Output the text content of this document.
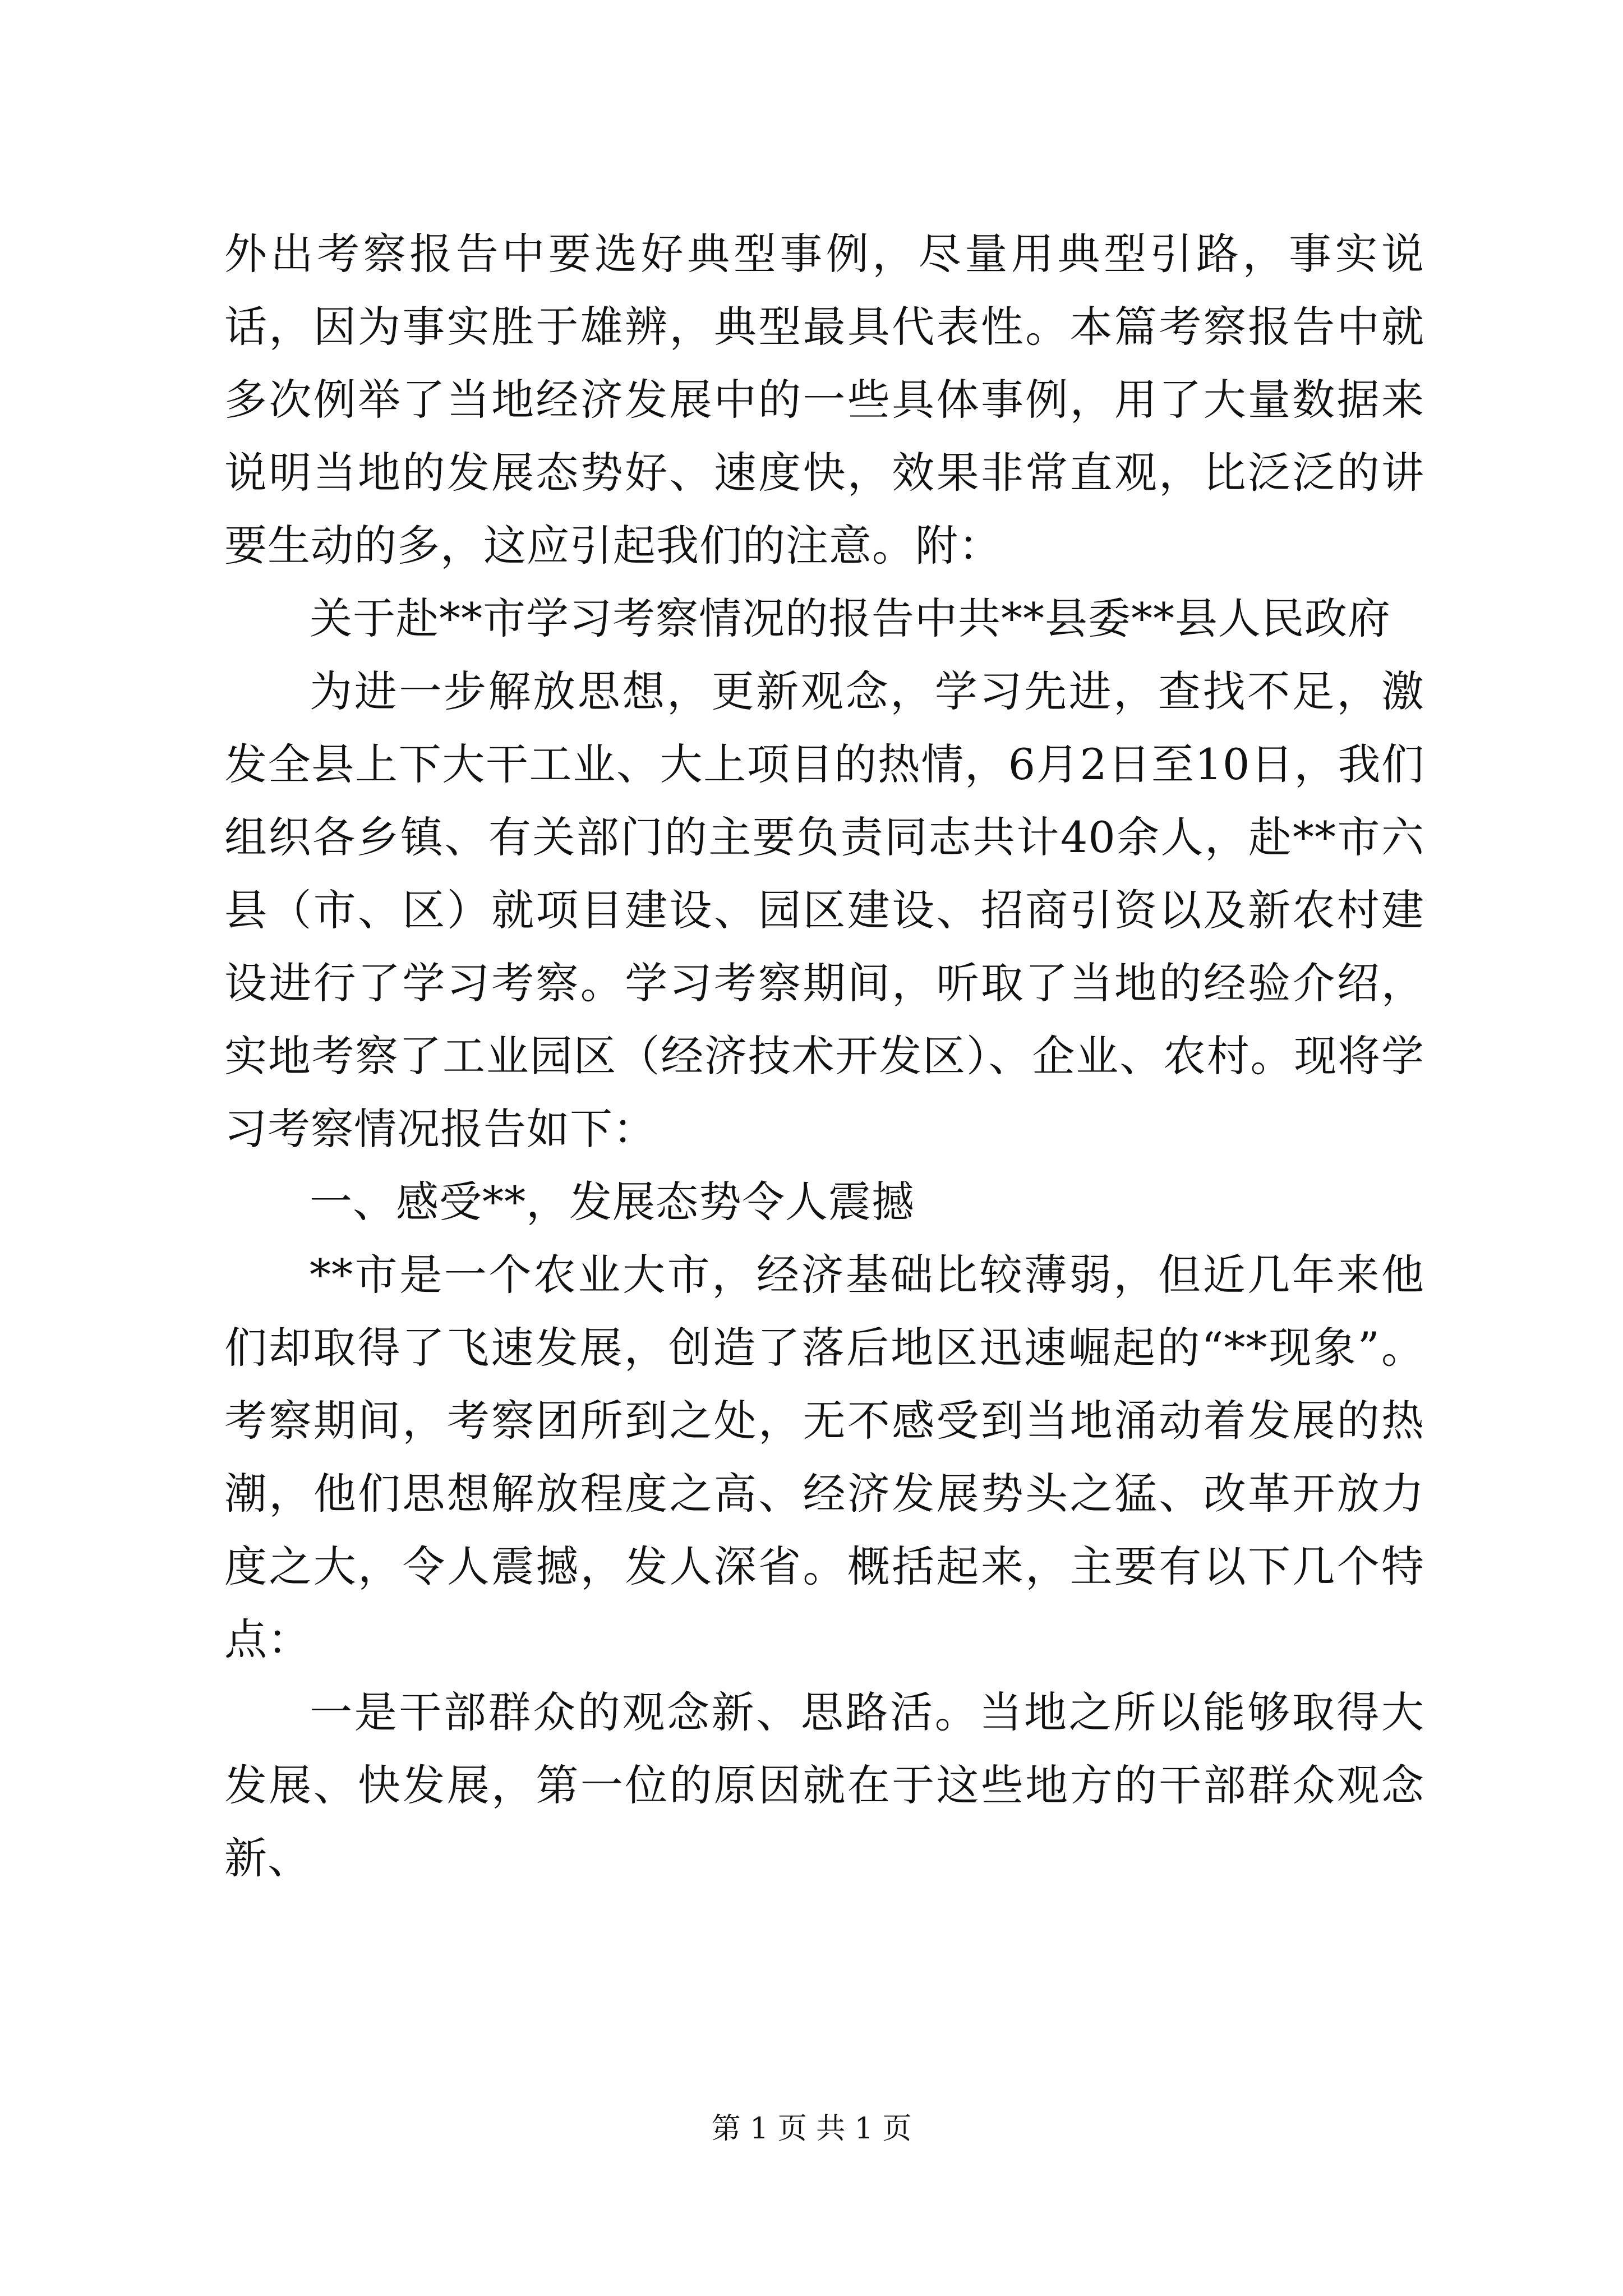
外出考察报告中要选好典型事例，尽量用典型引路，事实说话，因为事实胜于雄辨，典型最具代表性。本篇考察报告中就多次例举了当地经济发展中的一些具体事例，用了大量数据来说明当地的发展态势好、速度快，效果非常直观，比泛泛的讲要生动的多，这应引起我们的注意。附：

关于赴**市学习考察情况的报告中共**县委**县人民政府

为进一步解放思想，更新观念，学习先进，查找不足，激发全县上下大干工业、大上项目的热情，6月2日至10日，我们组织各乡镇、有关部门的主要负责同志共计40余人，赴**市六县（市、区）就项目建设、园区建设、招商引资以及新农村建设进行了学习考察。学习考察期间，听取了当地的经验介绍，实地考察了工业园区（经济技术开发区）、企业、农村。现将学习考察情况报告如下：

一、感受**，发展态势令人震撼

**市是一个农业大市，经济基础比较薄弱，但近几年来他们却取得了飞速发展，创造了落后地区迅速崛起的“**现象”。考察期间，考察团所到之处，无不感受到当地涌动着发展的热潮，他们思想解放程度之高、经济发展势头之猛、改革开放力度之大，令人震撼，发人深省。概括起来，主要有以下几个特点：

一是干部群众的观念新、思路活。当地之所以能够取得大发展、快发展，第一位的原因就在于这些地方的干部群众观念新、

第 1 页 共 1 页
